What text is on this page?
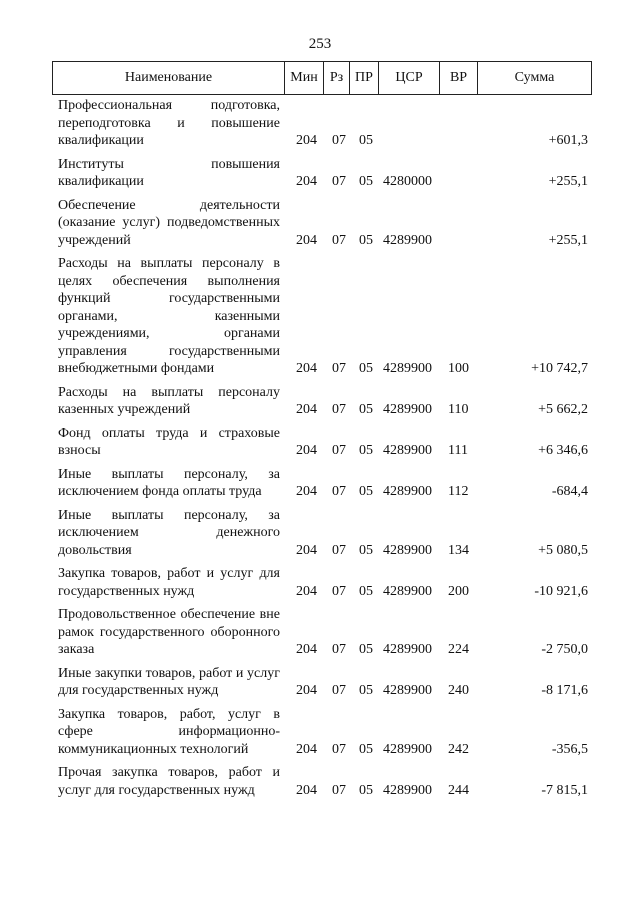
253
Наименование	Мин Рз ПР	ЦСР	ВР	Сумма
Профессиональная подготовка, переподготовка и повышение квалификации	204 07 05	+601,3
Институты повышения квалификации	204 07 05 4280000	+255,1
Обеспечение деятельности (оказание услуг) подведомственных учреждений	204 07 05 4289900	+255,1
Расходы на выплаты персоналу в целях обеспечения выполнения функций государственными органами, казенными учреждениями, органами управления государственными внебюджетными фондами	204 07 05 4289900 100	+10 742,7
Расходы на выплаты персоналу казенных учреждений	204 07 05 4289900 110	+5 662,2
Фонд оплаты труда и страховые взносы	204 07 05 4289900 111	+6 346,6
Иные выплаты персоналу, за исключением фонда оплаты труда	204 07 05 4289900 112	-684,4
Иные выплаты персоналу, за исключением денежного довольствия	204 07 05 4289900 134	+5 080,5
Закупка товаров, работ и услуг для государственных нужд	204 07 05 4289900 200	-10 921,6
Продовольственное обеспечение вне рамок государственного оборонного заказа	204 07 05 4289900 224	-2 750,0
Иные закупки товаров, работ и услуг для государственных нужд	204 07 05 4289900 240	-8 171,6
Закупка товаров, работ, услуг в сфере информационно-коммуникационных технологий	204 07 05 4289900 242	-356,5
Прочая закупка товаров, работ и услуг для государственных нужд	204 07 05 4289900 244	-7 815,1
